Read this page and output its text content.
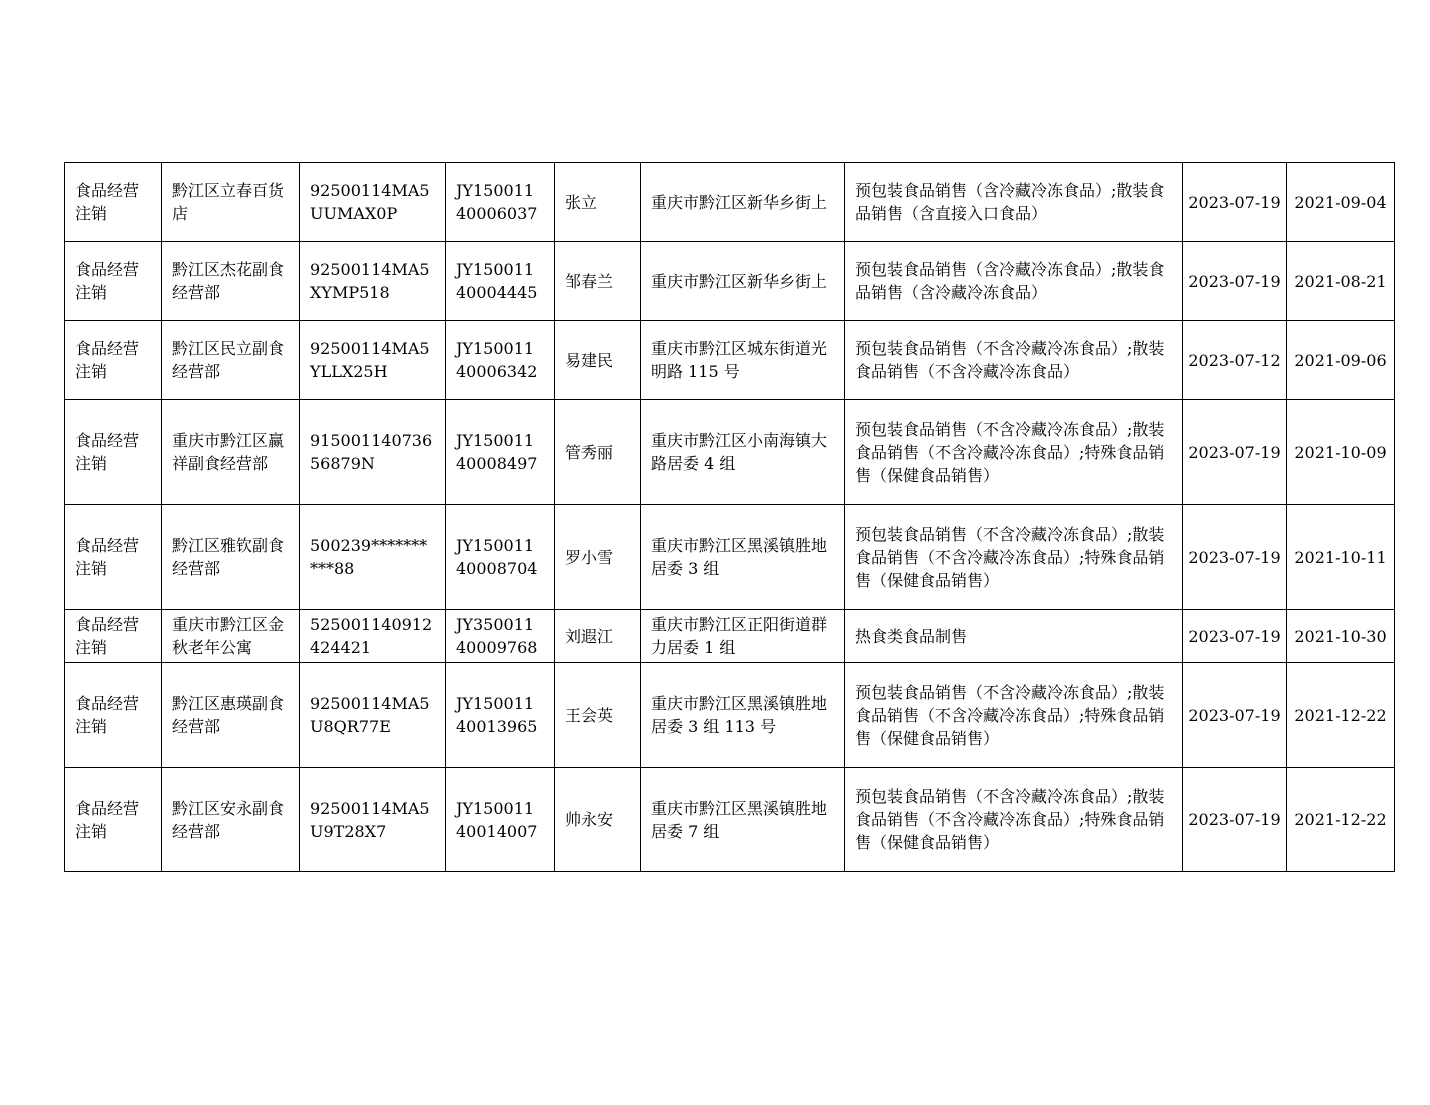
食品经营注销	黔江区立春百货店	92500114MA5UUMAX0P	JY15001140006037	张立	重庆市黔江区新华乡街上	预包装食品销售（含冷藏冷冻食品）;散装食品销售（含直接入口食品）	2023-07-19	2021-09-04
食品经营注销	黔江区杰花副食经营部	92500114MA5XYMP518	JY15001140004445	邹春兰	重庆市黔江区新华乡街上	预包装食品销售（含冷藏冷冻食品）;散装食品销售（含冷藏冷冻食品）	2023-07-19	2021-08-21
食品经营注销	黔江区民立副食经营部	92500114MA5YLLX25H	JY15001140006342	易建民	重庆市黔江区城东街道光明路 115 号	预包装食品销售（不含冷藏冷冻食品）;散装食品销售（不含冷藏冷冻食品）	2023-07-12	2021-09-06
食品经营注销	重庆市黔江区赢祥副食经营部	91500114073656879N	JY15001140008497	管秀丽	重庆市黔江区小南海镇大路居委 4 组	预包装食品销售（不含冷藏冷冻食品）;散装食品销售（不含冷藏冷冻食品）;特殊食品销售（保健食品销售）	2023-07-19	2021-10-09
食品经营注销	黔江区雅钦副食经营部	500239**********88	JY15001140008704	罗小雪	重庆市黔江区黑溪镇胜地居委 3 组	预包装食品销售（不含冷藏冷冻食品）;散装食品销售（不含冷藏冷冻食品）;特殊食品销售（保健食品销售）	2023-07-19	2021-10-11
食品经营注销	重庆市黔江区金秋老年公寓	525001140912424421	JY35001140009768	刘遐江	重庆市黔江区正阳街道群力居委 1 组	热食类食品制售	2023-07-19	2021-10-30
食品经营注销	黔江区惠瑛副食经营部	92500114MA5U8QR77E	JY15001140013965	王会英	重庆市黔江区黑溪镇胜地居委 3 组 113 号	预包装食品销售（不含冷藏冷冻食品）;散装食品销售（不含冷藏冷冻食品）;特殊食品销售（保健食品销售）	2023-07-19	2021-12-22
食品经营注销	黔江区安永副食经营部	92500114MA5U9T28X7	JY15001140014007	帅永安	重庆市黔江区黑溪镇胜地居委 7 组	预包装食品销售（不含冷藏冷冻食品）;散装食品销售（不含冷藏冷冻食品）;特殊食品销售（保健食品销售）	2023-07-19	2021-12-22
